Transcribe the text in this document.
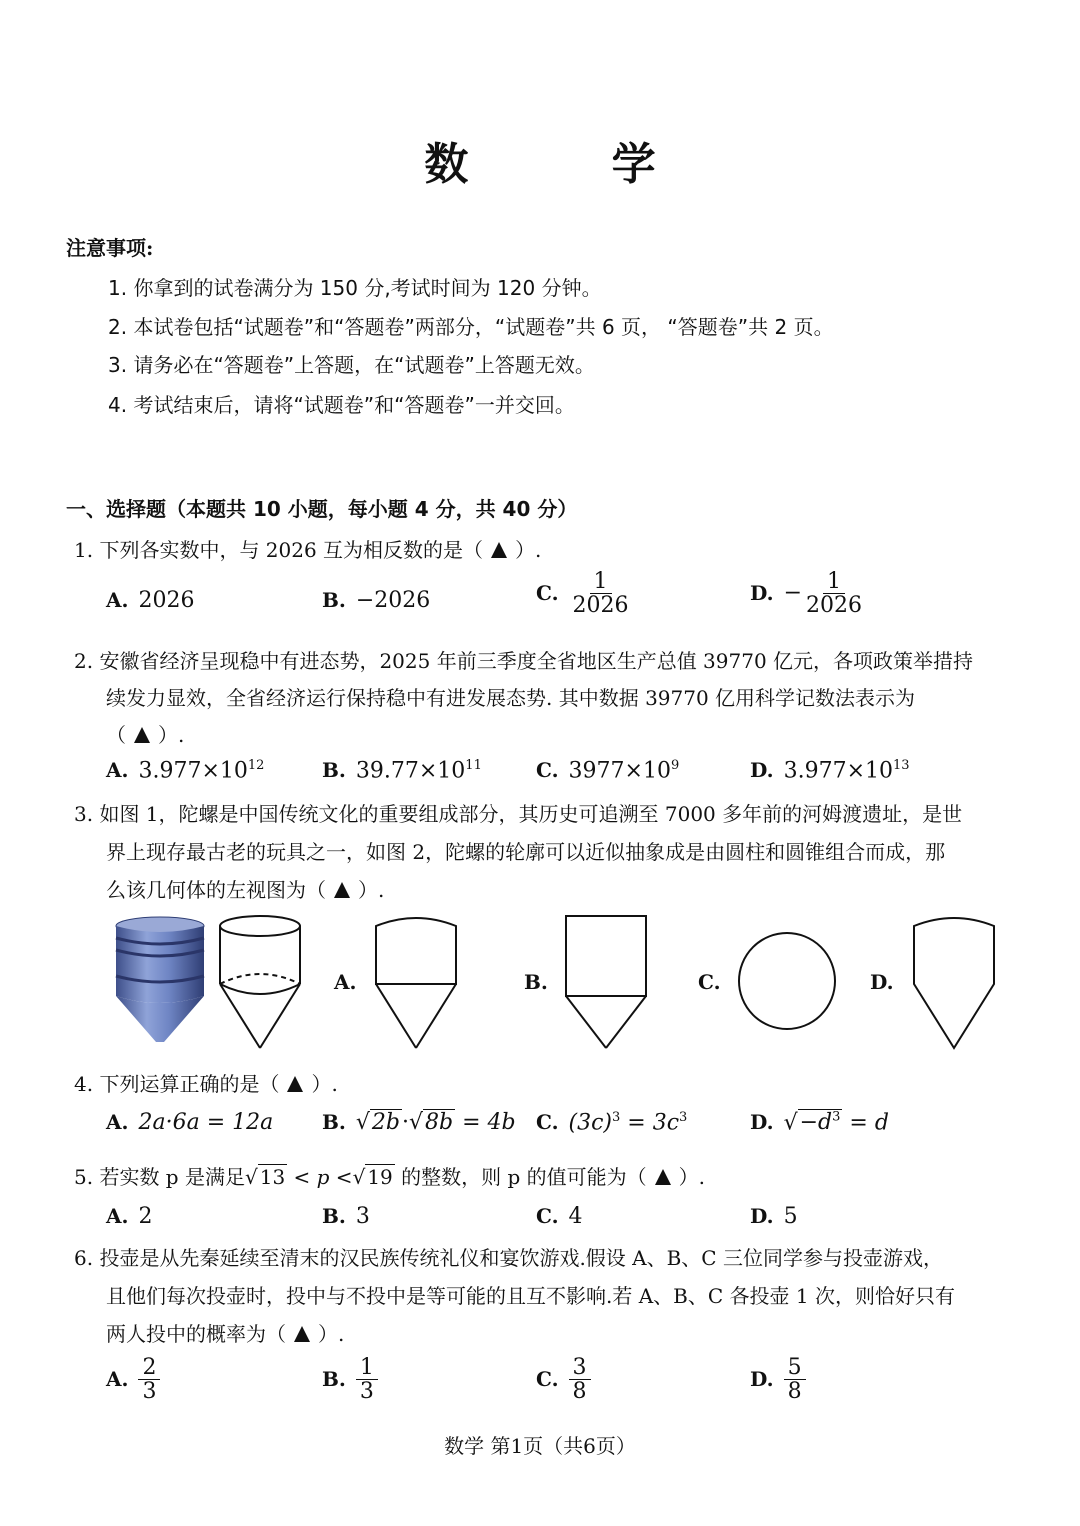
数 学
注意事项:
1. 你拿到的试卷满分为 150 分,考试时间为 120 分钟。
2. 本试卷包括“试题卷”和“答题卷”两部分，“试题卷”共 6 页， “答题卷”共 2 页。
3. 请务必在“答题卷”上答题，在“试题卷”上答题无效。
4. 考试结束后，请将“试题卷”和“答题卷”一并交回。
一、选择题（本题共 10 小题，每小题 4 分，共 40 分）
1. 下列各实数中，与 2026 互为相反数的是（ ）.
A. 2026	B. −2026	C. $\frac{1}{2026}$	D. − $\frac{1}{2026}$
2. 安徽省经济呈现稳中有进态势，2025 年前三季度全省地区生产总值 39770 亿元，各项政策举措持
续发力显效，全省经济运行保持稳中有进发展态势. 其中数据 39770 亿用科学记数法表示为
（ ）.
A. $3.977\times 10^{12}$	B. $39.77\times 10^{11}$	C. $3977\times 10^9$	D. $3.977\times 10^{13}$
3. 如图 1，陀螺是中国传统文化的重要组成部分，其历史可追溯至 7000 多年前的河姆渡遗址，是世
界上现存最古老的玩具之一，如图 2，陀螺的轮廓可以近似抽象成是由圆柱和圆锥组合而成，那
么该几何体的左视图为（ ）.
A.	B.	C.	D.
4. 下列运算正确的是（ ）.
A. 2a·6a = 12a B. √2b·√8b = 4b C. $(3c)^3 = 3c^3$	D. $√-d^3 = d$
5. 若实数 p 是满足√ 13 < p <√ 19 的整数，则 p 的值可能为（ ）.
A. 2	B. 3	C. 4	D. 5
6. 投壶是从先秦延续至清末的汉民族传统礼仪和宴饮游戏.假设 A、B、C 三位同学参与投壶游戏，
且他们每次投壶时，投中与不投中是等可能的且互不影响.若 A、B、C 各投壶 1 次，则恰好只有
两人投中的概率为（ ）.
A. $\frac{2}{3}$	B. $\frac{1}{3}$	C. $\frac{3}{8}$	D. $\frac{5}{8}$
数学 第1页（共6页）
